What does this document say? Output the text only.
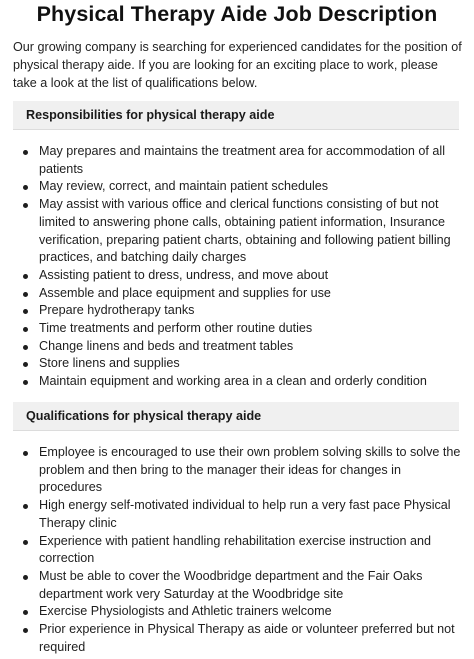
Physical Therapy Aide Job Description
Our growing company is searching for experienced candidates for the position of physical therapy aide. If you are looking for an exciting place to work, please take a look at the list of qualifications below.
Responsibilities for physical therapy aide
May prepares and maintains the treatment area for accommodation of all patients
May review, correct, and maintain patient schedules
May assist with various office and clerical functions consisting of but not limited to answering phone calls, obtaining patient information, Insurance verification, preparing patient charts, obtaining and following patient billing practices, and batching daily charges
Assisting patient to dress, undress, and move about
Assemble and place equipment and supplies for use
Prepare hydrotherapy tanks
Time treatments and perform other routine duties
Change linens and beds and treatment tables
Store linens and supplies
Maintain equipment and working area in a clean and orderly condition
Qualifications for physical therapy aide
Employee is encouraged to use their own problem solving skills to solve the problem and then bring to the manager their ideas for changes in procedures
High energy self-motivated individual to help run a very fast pace Physical Therapy clinic
Experience with patient handling rehabilitation exercise instruction and correction
Must be able to cover the Woodbridge department and the Fair Oaks department work very Saturday at the Woodbridge site
Exercise Physiologists and Athletic trainers welcome
Prior experience in Physical Therapy as aide or volunteer preferred but not required
